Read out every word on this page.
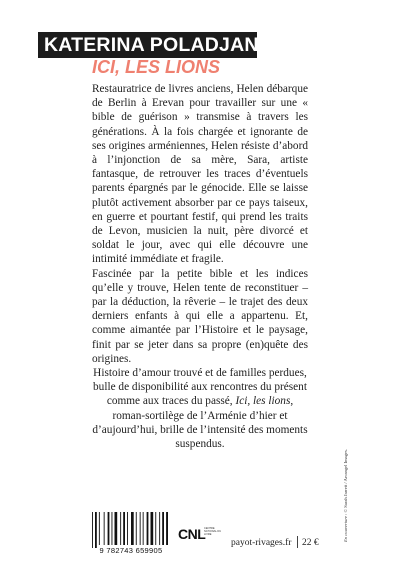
KATERINA POLADJAN
ICI, LES LIONS

Restauratrice de livres anciens, Helen débarque de Berlin à Erevan pour travailler sur une « bible de guérison » transmise à travers les générations. À la fois chargée et ignorante de ses origines arméniennes, Helen résiste d’abord à l’injonction de sa mère, Sara, artiste fantasque, de retrouver les traces d’éventuels parents épargnés par le génocide. Elle se laisse plutôt activement absorber par ce pays taiseux, en guerre et pourtant festif, qui prend les traits de Levon, musicien la nuit, père divorcé et soldat le jour, avec qui elle découvre une intimité immédiate et fragile.

Fascinée par la petite bible et les indices qu’elle y trouve, Helen tente de reconstituer – par la déduction, la rêverie – le trajet des deux derniers enfants à qui elle a appartenu. Et, comme aimantée par l’Histoire et le paysage, finit par se jeter dans sa propre (en)quête des origines.

Histoire d’amour trouvé et de familles perdues, bulle de disponibilité aux rencontres du présent comme aux traces du passé, Ici, les lions, roman-sortilège de l’Arménie d’hier et d’aujourd’hui, brille de l’intensité des moments suspendus.

En couverture : © Sarah Jarrett / Arcangel Images.
9 782743 659905
CNL
CENTRE NATIONAL DU LIVRE
payot-rivages.fr 22 €
